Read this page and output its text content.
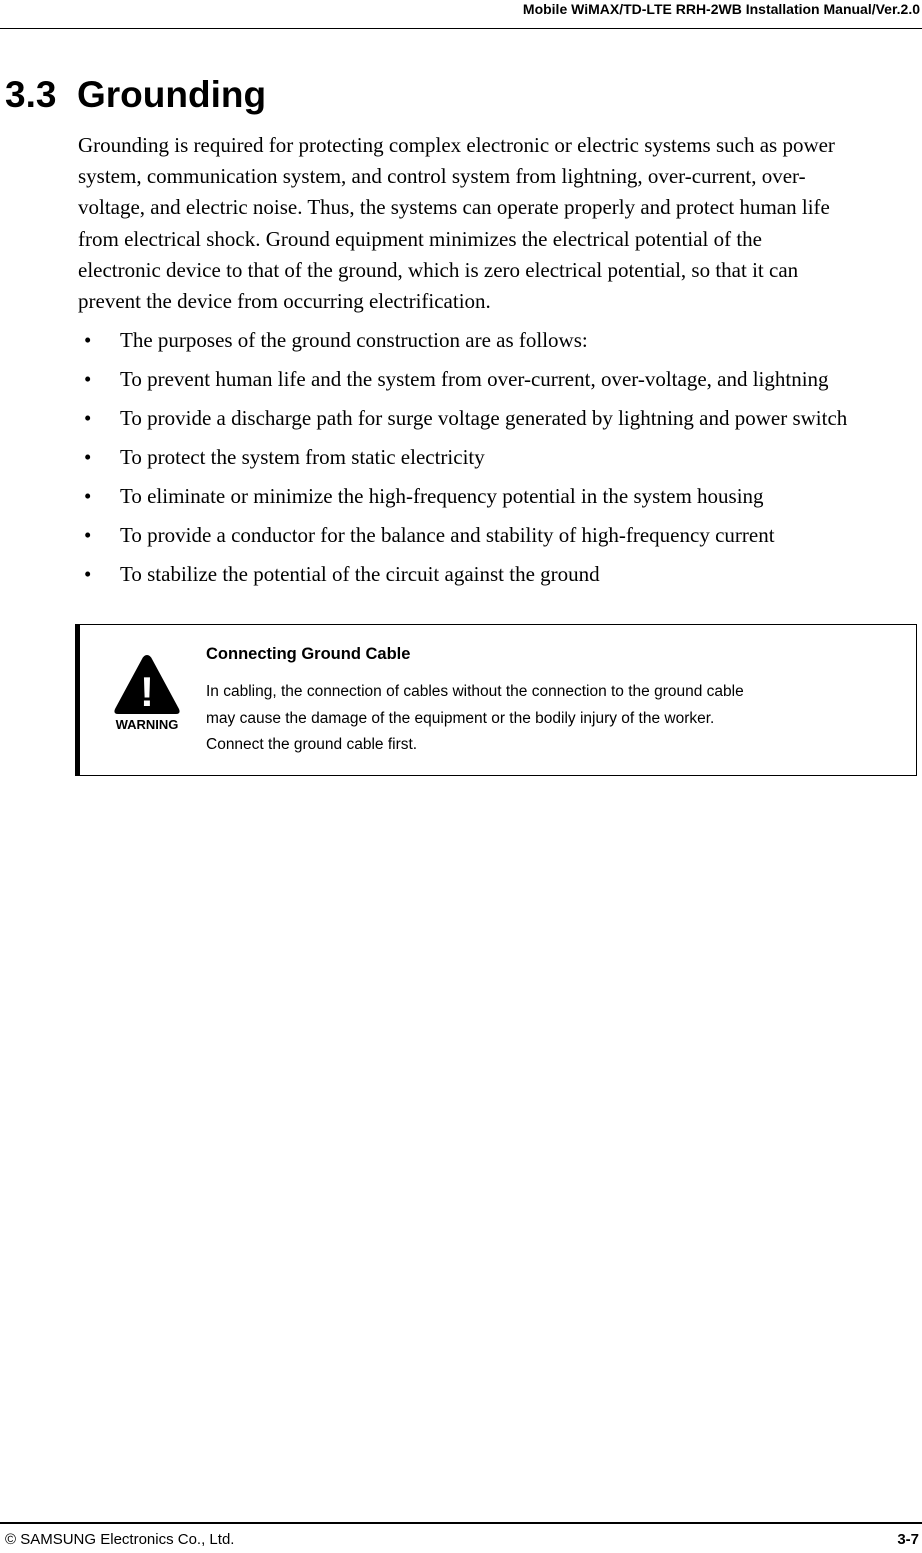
Mobile WiMAX/TD-LTE RRH-2WB Installation Manual/Ver.2.0
3.3 Grounding
Grounding is required for protecting complex electronic or electric systems such as power
system, communication system, and control system from lightning, over-current, over-
voltage, and electric noise. Thus, the systems can operate properly and protect human life
from electrical shock. Ground equipment minimizes the electrical potential of the
electronic device to that of the ground, which is zero electrical potential, so that it can
prevent the device from occurring electrification.
• The purposes of the ground construction are as follows:
• To prevent human life and the system from over-current, over-voltage, and lightning
• To provide a discharge path for surge voltage generated by lightning and power switch
• To protect the system from static electricity
• To eliminate or minimize the high-frequency potential in the system housing
• To provide a conductor for the balance and stability of high-frequency current
• To stabilize the potential of the circuit against the ground
!
WARNING
Connecting Ground Cable
In cabling, the connection of cables without the connection to the ground cable
may cause the damage of the equipment or the bodily injury of the worker.
Connect the ground cable first.
© SAMSUNG Electronics Co., Ltd.	3-7
